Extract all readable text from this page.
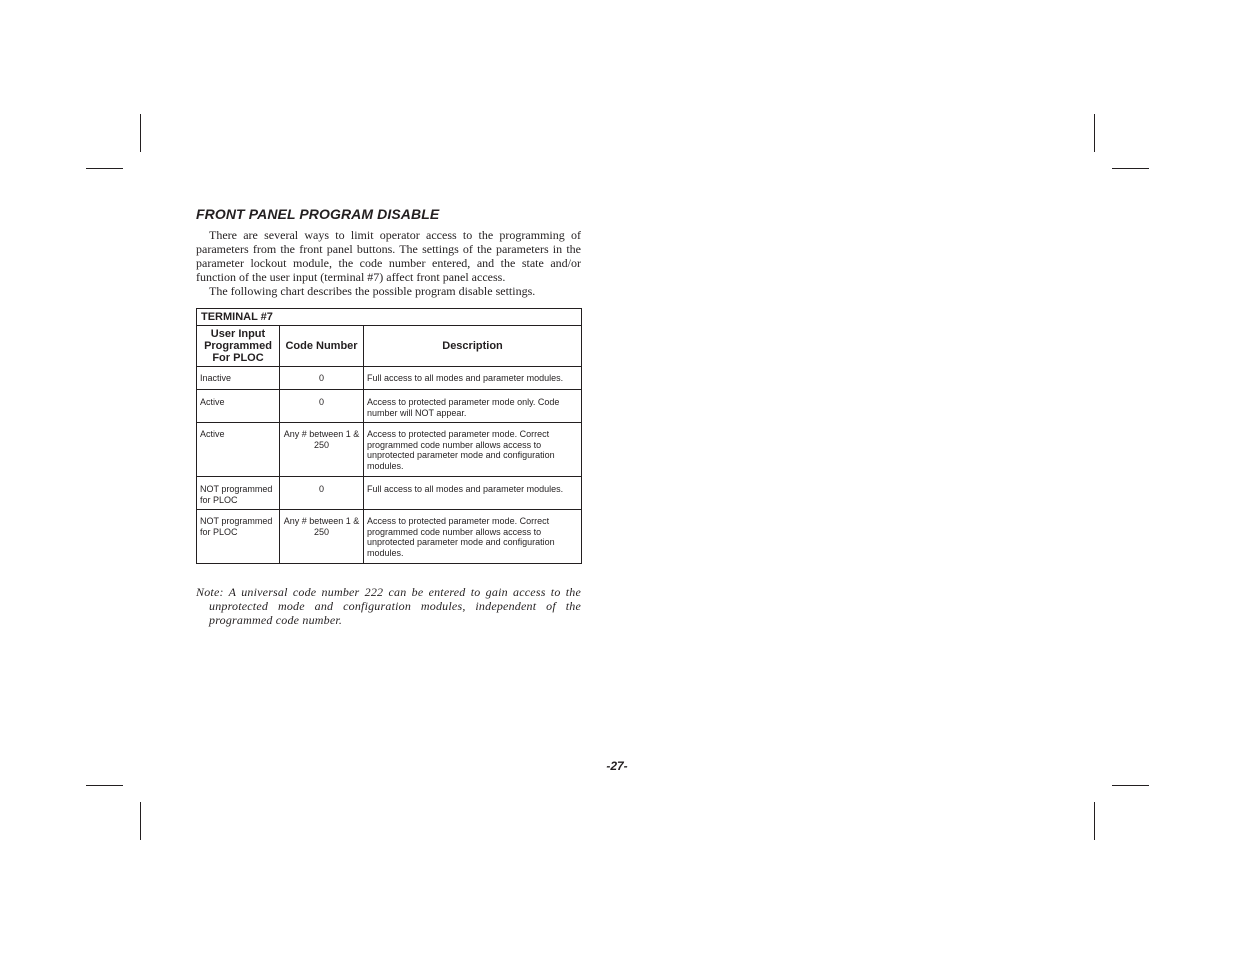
FRONT PANEL PROGRAM DISABLE

There are several ways to limit operator access to the programming of parameters from the front panel buttons. The settings of the parameters in the parameter lockout module, the code number entered, and the state and/or function of the user input (terminal #7) affect front panel access.

The following chart describes the possible program disable settings.

TERMINAL #7		
User Input Programmed For PLOC	Code Number	Description
Inactive	0	Full access to all modes and parameter modules.
Active	0	Access to protected parameter mode only. Code number will NOT appear.
Active	Any # between 1 & 250	Access to protected parameter mode. Correct programmed code number allows access to unprotected parameter mode and configuration modules.
NOT programmed for PLOC	0	Full access to all modes and parameter modules.
NOT programmed for PLOC	Any # between 1 & 250	Access to protected parameter mode. Correct programmed code number allows access to unprotected parameter mode and configuration modules.

Note: A universal code number 222 can be entered to gain access to the unprotected mode and configuration modules, independent of the programmed code number.

-27-
